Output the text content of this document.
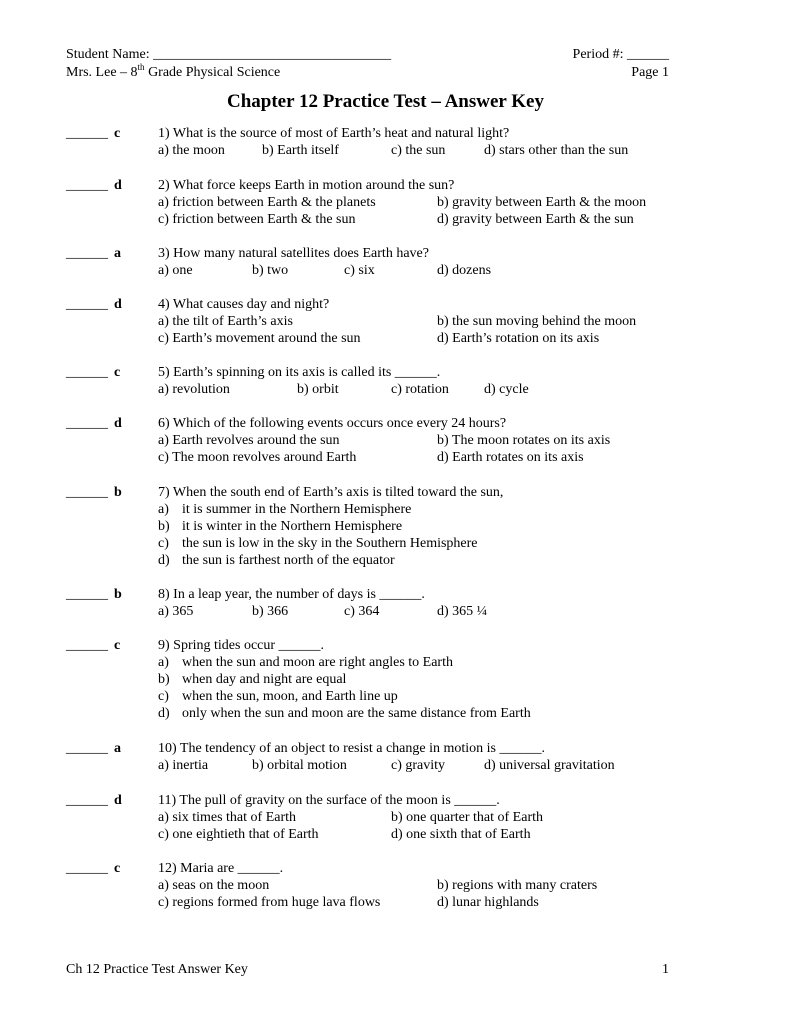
Student Name: __________________________________	Period #: ______
Mrs. Lee – 8th Grade Physical Science	Page 1
Chapter 12 Practice Test – Answer Key
______ c	1) What is the source of most of Earth’s heat and natural light?
a) the moon	b) Earth itself	c) the sun	d) stars other than the sun
______ d	2) What force keeps Earth in motion around the sun?
a) friction between Earth & the planets	b) gravity between Earth & the moon
c) friction between Earth & the sun	d) gravity between Earth & the sun
______ a	3) How many natural satellites does Earth have?
a) one	b) two	c) six	d) dozens
______ d	4) What causes day and night?
a) the tilt of Earth’s axis	b) the sun moving behind the moon
c) Earth’s movement around the sun	d) Earth’s rotation on its axis
______ c	5) Earth’s spinning on its axis is called its ______.
a) revolution	b) orbit	c) rotation	d) cycle
______ d	6) Which of the following events occurs once every 24 hours?
a) Earth revolves around the sun	b) The moon rotates on its axis
c) The moon revolves around Earth	d) Earth rotates on its axis
______ b	7) When the south end of Earth’s axis is tilted toward the sun,
a) it is summer in the Northern Hemisphere
b) it is winter in the Northern Hemisphere
c) the sun is low in the sky in the Southern Hemisphere
d) the sun is farthest north of the equator
______ b	8) In a leap year, the number of days is ______.
a) 365	b) 366	c) 364	d) 365 ¼
______ c	9) Spring tides occur ______.
a) when the sun and moon are right angles to Earth
b) when day and night are equal
c) when the sun, moon, and Earth line up
d) only when the sun and moon are the same distance from Earth
______ a	10) The tendency of an object to resist a change in motion is ______.
a) inertia	b) orbital motion	c) gravity	d) universal gravitation
______ d	11) The pull of gravity on the surface of the moon is ______.
a) six times that of Earth	b) one quarter that of Earth
c) one eightieth that of Earth	d) one sixth that of Earth
______ c	12) Maria are ______.
a) seas on the moon	b) regions with many craters
c) regions formed from huge lava flows	d) lunar highlands
Ch 12 Practice Test Answer Key	1
